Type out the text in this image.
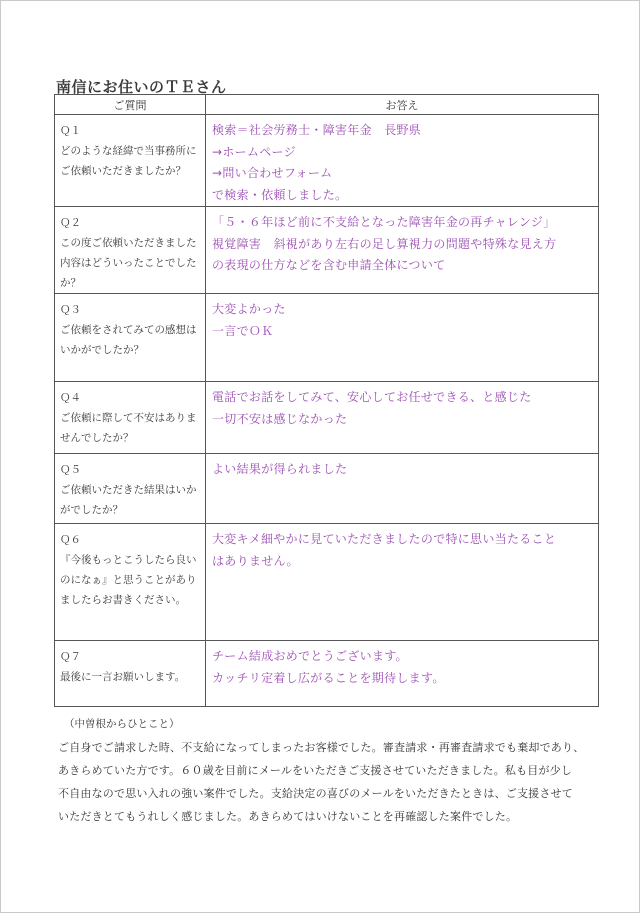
南信にお住いのＴＥさん
ご質問	お答え

Ｑ１
どのような経緯で当事務所に
ご依頼いただきましたか？	検索＝社会労務士・障害年金　長野県
→ホームページ
→問い合わせフォーム
で検索・依頼しました。

Ｑ２
この度ご依頼いただきました
内容はどういったことでした
か？	「５・６年ほど前に不支給となった障害年金の再チャレンジ」
視覚障害　斜視があり左右の足し算視力の問題や特殊な見え方
の表現の仕方などを含む申請全体について

Ｑ３
ご依頼をされてみての感想は
いかがでしたか？	大変よかった
一言でＯＫ

Ｑ４
ご依頼に際して不安はありま
せんでしたか？	電話でお話をしてみて、安心してお任せできる、と感じた
一切不安は感じなかった

Ｑ５
ご依頼いただきた結果はいか
がでしたか？	よい結果が得られました

Ｑ６
『今後もっとこうしたら良い
のになぁ』と思うことがあり
ましたらお書きください。	大変キメ細やかに見ていただきましたので特に思い当たること
はありません。

Ｑ７
最後に一言お願いします。	チーム結成おめでとうございます。
カッチリ定着し広がることを期待します。
（中曽根からひとこと）
ご自身でご請求した時、不支給になってしまったお客様でした。審査請求・再審査請求でも棄却であり、
あきらめていた方です。６０歳を目前にメールをいただきご支援させていただきました。私も目が少し
不自由なので思い入れの強い案件でした。支給決定の喜びのメールをいただきたときは、ご支援させて
いただきとてもうれしく感じました。あきらめてはいけないことを再確認した案件でした。
